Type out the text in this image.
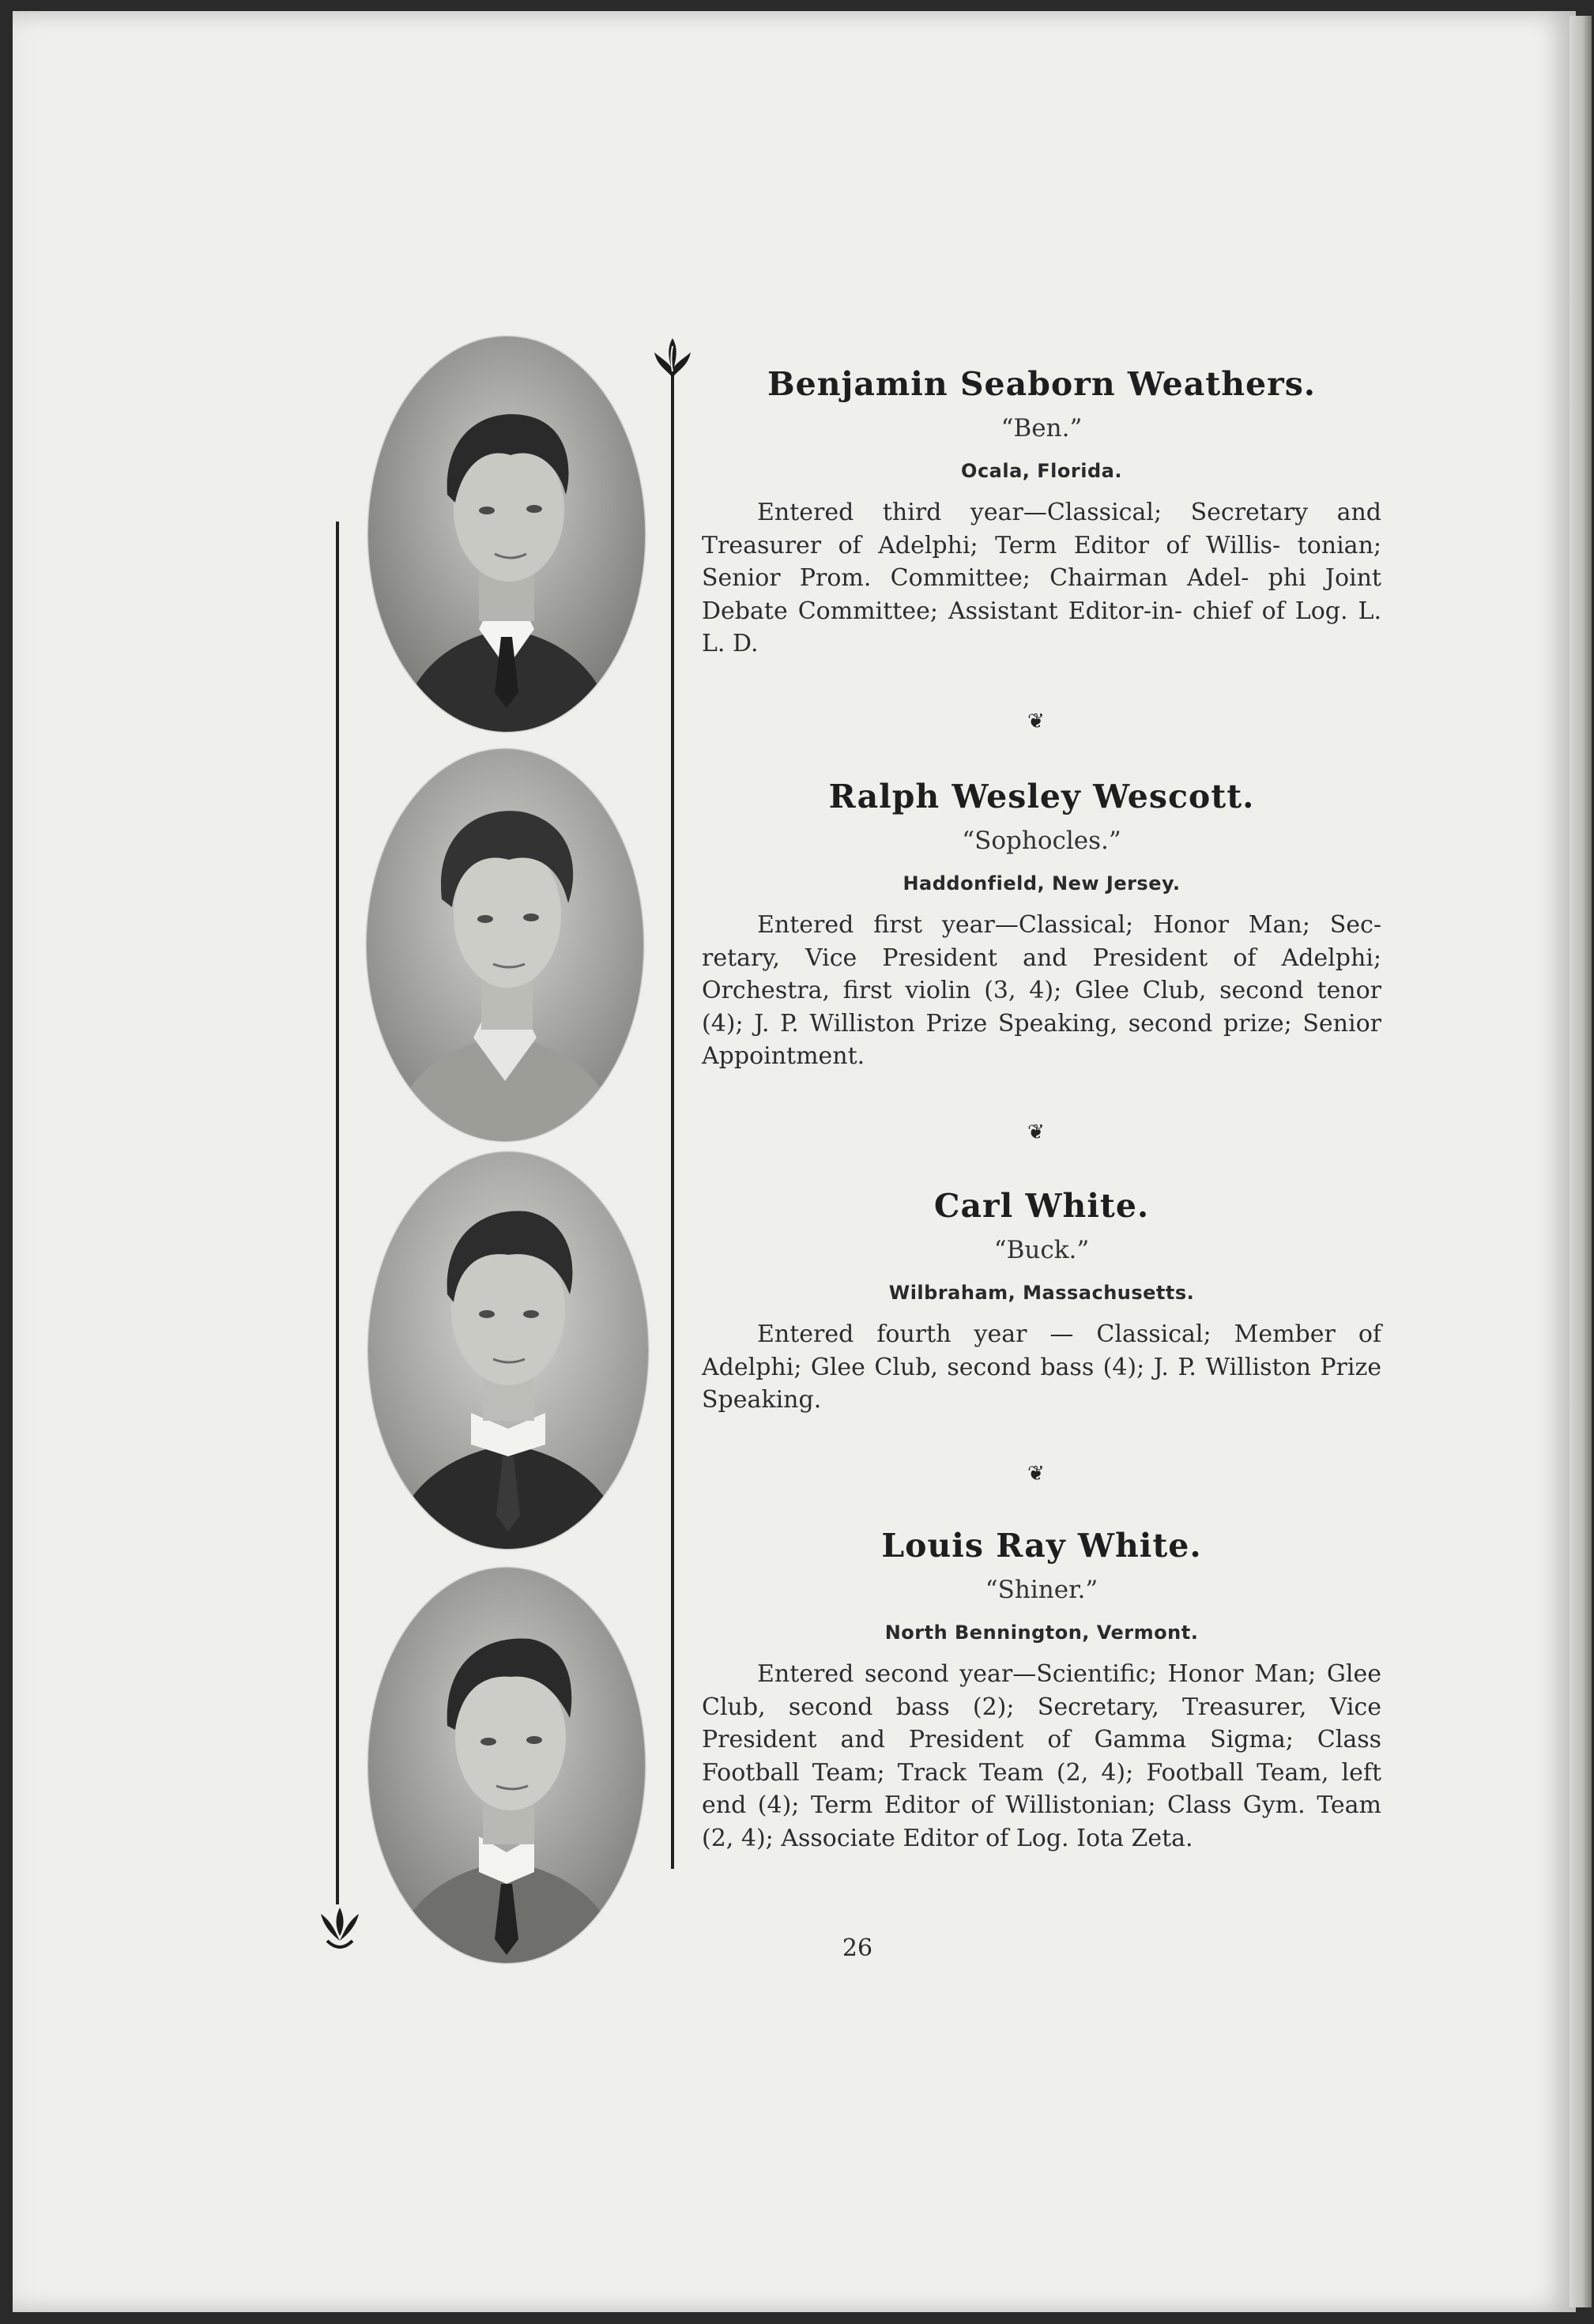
Benjamin Seaborn Weathers.

“Ben.”

Ocala, Florida.

Entered third year—Classical; Secretary and Treasurer of Adelphi; Term Editor of Willis- tonian; Senior Prom. Committee; Chairman Adel- phi Joint Debate Committee; Assistant Editor-in- chief of Log. L. L. D.

❦

Ralph Wesley Wescott.

“Sophocles.”

Haddonfield, New Jersey.

Entered first year—Classical; Honor Man; Sec- retary, Vice President and President of Adelphi; Orchestra, first violin (3, 4); Glee Club, second tenor (4); J. P. Williston Prize Speaking, second prize; Senior Appointment.

❦

Carl White.

“Buck.”

Wilbraham, Massachusetts.

Entered fourth year — Classical; Member of Adelphi; Glee Club, second bass (4); J. P. Williston Prize Speaking.

❦

Louis Ray White.

“Shiner.”

North Bennington, Vermont.

Entered second year—Scientific; Honor Man; Glee Club, second bass (2); Secretary, Treasurer, Vice President and President of Gamma Sigma; Class Football Team; Track Team (2, 4); Football Team, left end (4); Term Editor of Willistonian; Class Gym. Team (2, 4); Associate Editor of Log. Iota Zeta.

26
